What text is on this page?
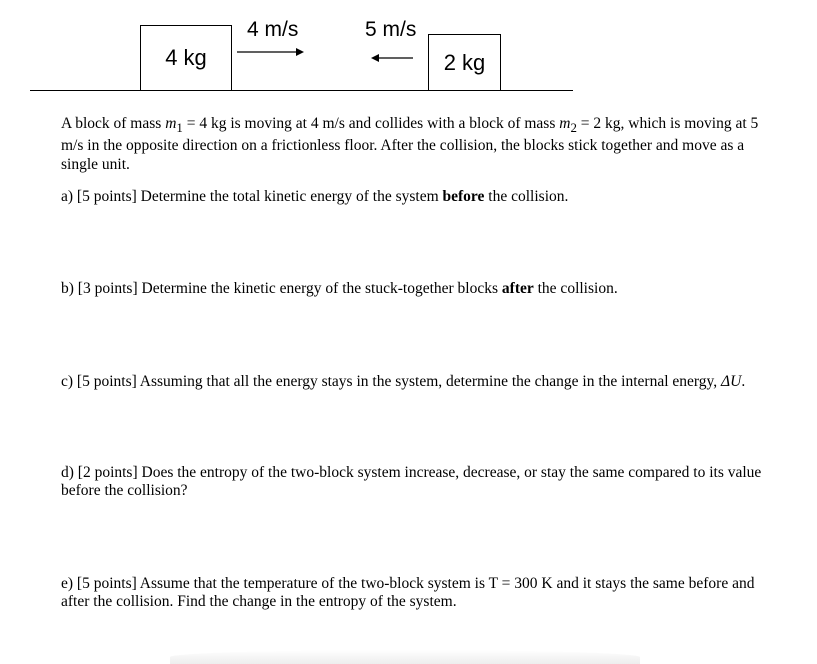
4 kg	2 kg
4 m/s	5 m/s
A block of mass $m_1 = 4$ kg is moving at 4 m/s and collides with a block of mass $m_2 = 2$ kg, which is moving at 5 m/s in the opposite direction on a frictionless floor. After the collision, the blocks stick together and move as a single unit.
a) [5 points] Determine the total kinetic energy of the system before the collision.
b) [3 points] Determine the kinetic energy of the stuck-together blocks after the collision.
c) [5 points] Assuming that all the energy stays in the system, determine the change in the internal energy, ΔU.
d) [2 points] Does the entropy of the two-block system increase, decrease, or stay the same compared to its value before the collision?
e) [5 points] Assume that the temperature of the two-block system is T = 300 K and it stays the same before and after the collision. Find the change in the entropy of the system.
